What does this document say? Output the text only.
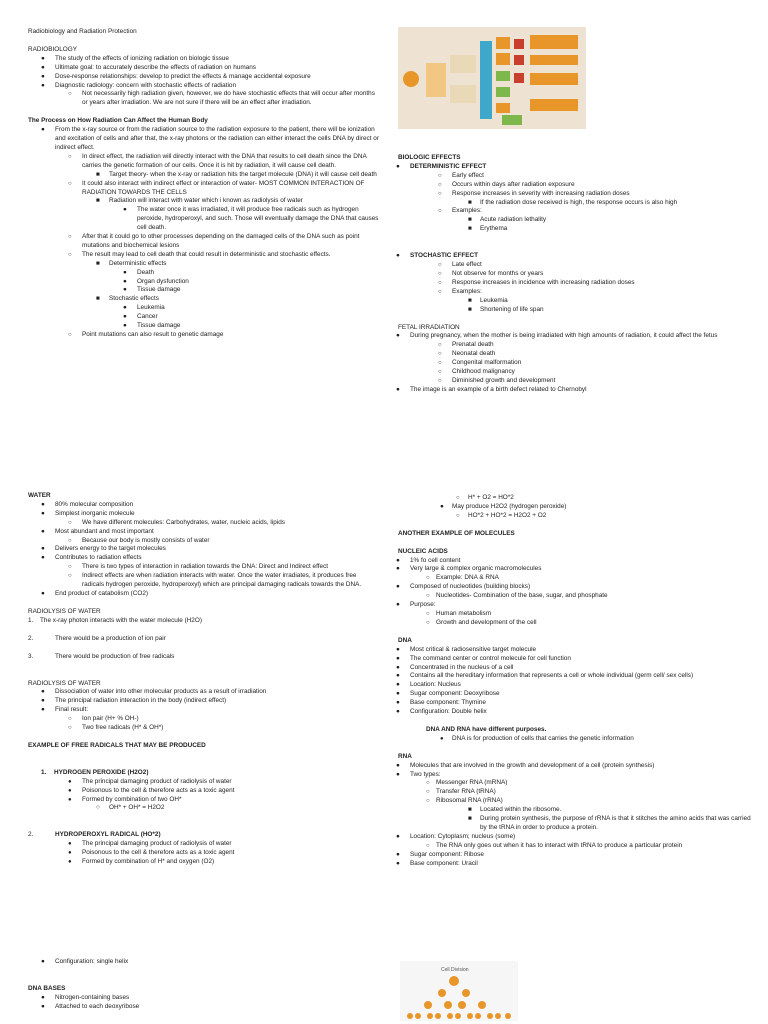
Radiobiology and Radiation Protection

RADIOBIOLOGY

● The study of the effects of ionizing radiation on biologic tissue
● Ultimate goal: to accurately describe the effects of radiation on humans
● Dose-response relationships: develop to predict the effects & manage accidental exposure
● Diagnostic radiology: concern with stochastic effects of radiation
○ Not necessarily high radiation given, however, we do have stochastic effects that will occur after months or years after irradiation. We are not sure if there will be an effect after irradiation.

The Process on How Radiation Can Affect the Human Body

● From the x-ray source or from the radiation source to the radiation exposure to the patient, there will be ionization and excitation of cells and after that, the x-ray photons or the radiation can either interact the cells DNA by direct or indirect effect.
○ In direct effect, the radiation will directly interact with the DNA that results to cell death since the DNA carries the genetic formation of our cells. Once it is hit by radiation, it will cause cell death.
■ Target theory- when the x-ray or radiation hits the target molecule (DNA) it will cause cell death
○ It could also interact with indirect effect or interaction of water- MOST COMMON INTERACTION OF RADIATION TOWARDS THE CELLS
■ Radiation will interact with water which i known as radiolysis of water
● The water once it was irradiated, it will produce free radicals such as hydrogen peroxide, hydroperoxyl, and such. Those will eventually damage the DNA that causes cell death.
○ After that it could go to other processes depending on the damaged cells of the DNA such as point mutations and biochemical lesions
○ The result may lead to cell death that could result in deterministic and stochastic effects.
■ Deterministic effects
● Death
● Organ dysfunction
● Tissue damage
■ Stochastic effects
● Leukemia
● Cancer
● Tissue damage
○ Point mutations can also result to genetic damage

BIOLOGIC EFFECTS

● DETERMINISTIC EFFECT
○ Early effect
○ Occurs within days after radiation exposure
○ Response increases in severity with increasing radiation doses
■ If the radiation dose received is high, the response occurs is also high
○ Examples:
■ Acute radiation lethality
■ Erythema
● STOCHASTIC EFFECT
○ Late effect
○ Not observe for months or years
○ Response increases in incidence with increasing radiation doses
○ Examples:
■ Leukemia
■ Shortening of life span

FETAL IRRADIATION

● During pregnancy, when the mother is being irradiated with high amounts of radiation, it could affect the fetus
○ Prenatal death
○ Neonatal death
○ Congenital malformation
○ Childhood malignancy
○ Diminished growth and development
● The image is an example of a birth defect related to Chernobyl

WATER

● 80% molecular composition
● Simplest inorganic molecule
○ We have different molecules: Carbohydrates, water, nucleic acids, lipids
● Most abundant and most important
○ Because our body is mostly consists of water
● Delivers energy to the target molecules
● Contributes to radiation effects
○ There is two types of interaction in radiation towards the DNA: Direct and Indirect effect
○ Indirect effects are when radiation interacts with water. Once the water irradiates, it produces free radicals hydrogen peroxide, hydroperoxyl) which are principal damaging radicals towards the DNA.
● End product of catabolism (CO2)

RADIOLYSIS OF WATER

1. The x-ray photon interacts with the water molecule (H2O)
2.	There would be a production of ion pair
3.	There would be production of free radicals

RADIOLYSIS OF WATER

● Dissociation of water into other molecular products as a result of irradiation
● The principal radiation interaction in the body (indirect effect)
● Final result:
○ Ion pair (H+ % OH-)
○ Two free radicals (H* & OH*)

EXAMPLE OF FREE RADICALS THAT MAY BE PRODUCED

1. HYDROGEN PEROXIDE (H2O2)
● The principal damaging product of radiolysis of water
● Poisonous to the cell & therefore acts as a toxic agent
● Formed by combination of two OH*
○ OH* + OH* = H2O2
2.	HYDROPEROXYL RADICAL (HO*2)
● The principal damaging product of radiolysis of water
● Poisonous to the cell & therefore acts as a toxic agent
● Formed by combination of H* and oxygen (O2)
○ H* + O2 = HO*2
● May produce H2O2 (hydrogen peroxide)
○ HO*2 + HO*2 = H2O2 + O2

ANOTHER EXAMPLE OF MOLECULES

NUCLEIC ACIDS

● 1% fo cell content
● Very large & complex organic macromolecules
○ Example: DNA & RNA
● Composed of nucleotides (building blocks)
○ Nucleotides- Combination of the base, sugar, and phosphate
● Purpose:
○ Human metabolism
○ Growth and development of the cell

DNA

● Most critical & radiosensitive target molecule
● The command center or control molecule for cell function
● Concentrated in the nucleus of a cell
● Contains all the hereditary information that represents a cell or whole individual (germ cell/ sex cells)
● Location: Nucleus
● Sugar component: Deoxyribose
● Base component: Thymine
● Configuration: Double helix

DNA AND RNA have different purposes.

● DNA is for production of cells that carries the genetic information

RNA

● Molecules that are involved in the growth and development of a cell (protein synthesis)
● Two types:
○ Messenger RNA (mRNA)
○ Transfer RNA (tRNA)
○ Ribosomal RNA (rRNA)
■ Located within the ribosome.
■ During protein synthesis, the purpose of rRNA is that it stitches the amino acids that was carried by the tRNA in order to produce a protein.
● Location: Cytoplasm; nucleus (some)
○ The RNA only goes out when it has to interact with tRNA to produce a particular protein
● Sugar component: Ribose
● Base component: Uracil
● Configuration: single helix

DNA BASES

● Nitrogen-containing bases
● Attached to each deoxyribose
Cell Division
